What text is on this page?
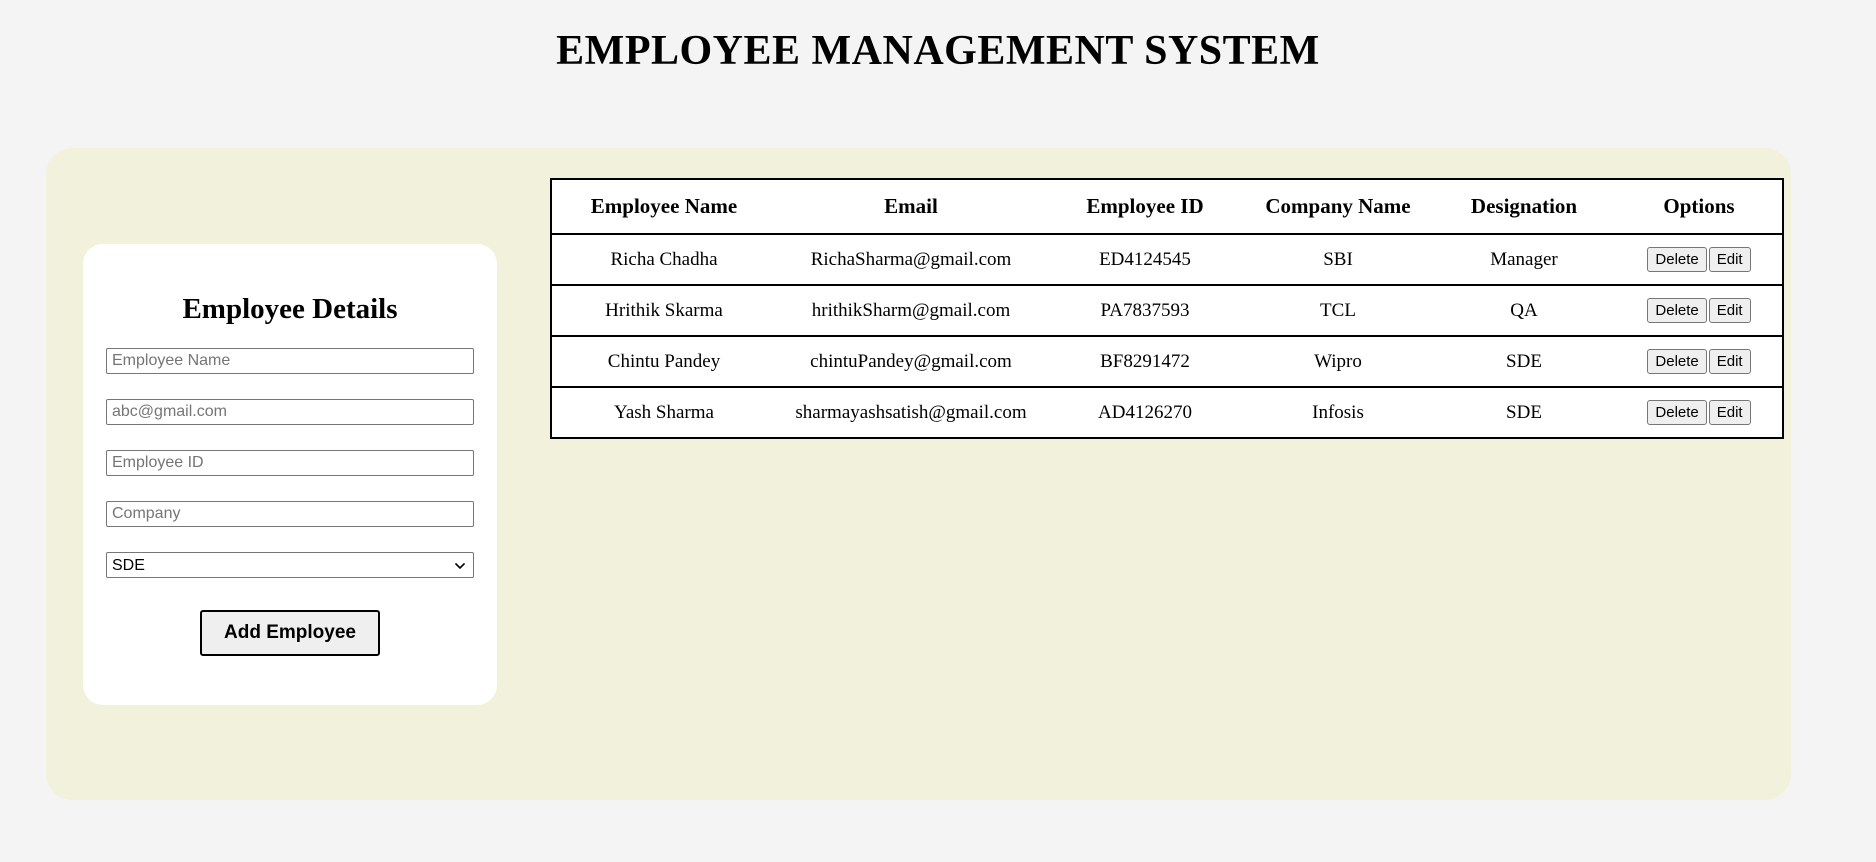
EMPLOYEE MANAGEMENT SYSTEM
Employee Details
Employee Name
abc@gmail.com
Employee ID
Company
SDE
Add Employee
Employee Name	Email	Employee ID	Company Name	Designation	Options
Richa Chadha	RichaSharma@gmail.com	ED4124545	SBI	Manager	Delete Edit
Hrithik Skarma	hrithikSharm@gmail.com	PA7837593	TCL	QA	Delete Edit
Chintu Pandey	chintuPandey@gmail.com	BF8291472	Wipro	SDE	Delete Edit
Yash Sharma	sharmayashsatish@gmail.com	AD4126270	Infosis	SDE	Delete Edit
